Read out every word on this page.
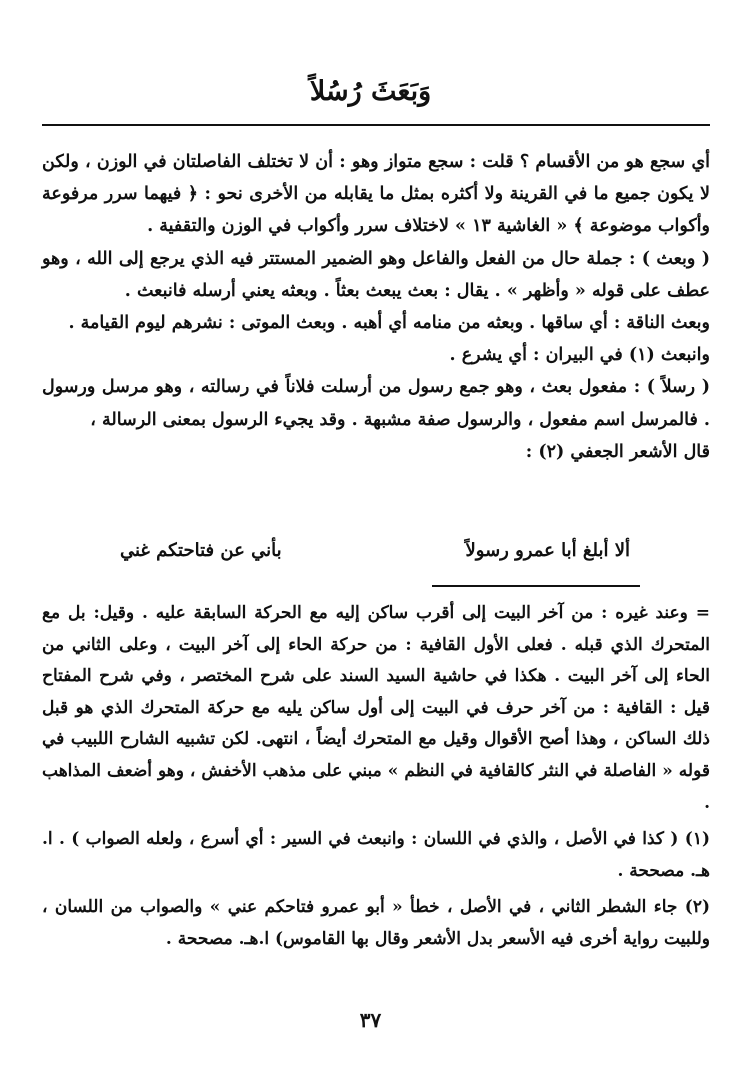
وَبَعَثَ رُسُلاً

أي سجع هو من الأقسام ؟ قلت : سجع متواز وهو : أن لا تختلف الفاصلتان في الوزن ، ولكن لا يكون جميع ما في القرينة ولا أكثره بمثل ما يقابله من الأخرى نحو : ﴿ فيهما سرر مرفوعة وأكواب موضوعة ﴾ « الغاشية ١٣ » لاختلاف سرر وأكواب في الوزن والتقفية .

( وبعث ) : جملة حال من الفعل والفاعل وهو الضمير المستتر فيه الذي يرجع إلى الله ، وهو عطف على قوله « وأظهر » . يقال : بعث يبعث بعثاً . وبعثه يعني أرسله فانبعث .

وبعث الناقة : أي ساقها . وبعثه من منامه أي أهبه . وبعث الموتى : نشرهم ليوم القيامة .

وانبعث (١) في البيران : أي يشرع .

( رسلاً ) : مفعول بعث ، وهو جمع رسول من أرسلت فلاناً في رسالته ، وهو مرسل ورسول . فالمرسل اسم مفعول ، والرسول صفة مشبهة . وقد يجيء الرسول بمعنى الرسالة ،

قال الأشعر الجعفي (٢) :

ألا أبلغ أبا عمرو رسولاً
بأني عن فتاحتكم غني

= وعند غيره : من آخر البيت إلى أقرب ساكن إليه مع الحركة السابقة عليه . وقيل: بل مع المتحرك الذي قبله . فعلى الأول القافية : من حركة الحاء إلى آخر البيت ، وعلى الثاني من الحاء إلى آخر البيت . هكذا في حاشية السيد السند على شرح المختصر ، وفي شرح المفتاح قيل : القافية : من آخر حرف في البيت إلى أول ساكن يليه مع حركة المتحرك الذي هو قبل ذلك الساكن ، وهذا أصح الأقوال وقيل مع المتحرك أيضاً ، انتهى. لكن تشبيه الشارح اللبيب في قوله « الفاصلة في النثر كالقافية في النظم » مبني على مذهب الأخفش ، وهو أضعف المذاهب .

(١) ( كذا في الأصل ، والذي في اللسان : وانبعث في السير : أي أسرع ، ولعله الصواب ) . ا. هـ. مصححة .

(٢) جاء الشطر الثاني ، في الأصل ، خطأ « أبو عمرو فتاحكم عني » والصواب من اللسان ، وللبيت رواية أخرى فيه الأسعر بدل الأشعر وقال بها القاموس) ا.هـ. مصححة .

٣٧
